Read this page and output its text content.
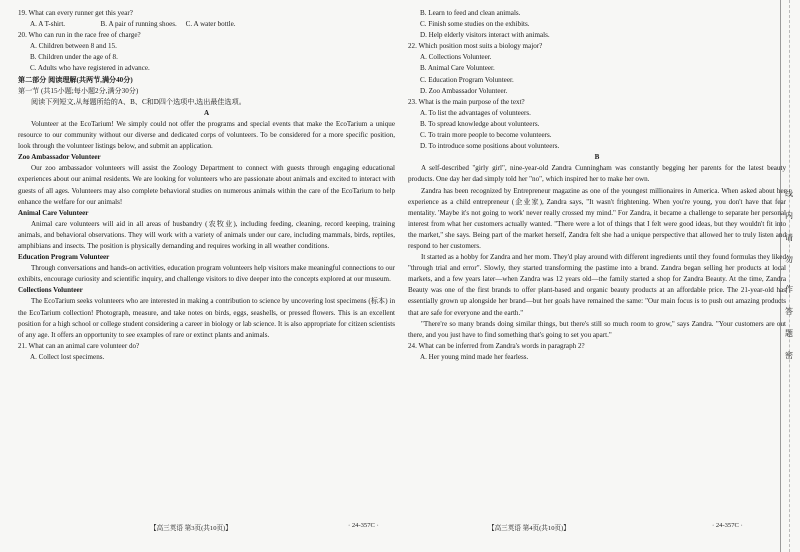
线
内
请
勿
作
答
题
密

19. What can every runner get this year?

A. A T-shirt.                    B. A pair of running shoes.     C. A water bottle.

20. Who can run in the race free of charge?

A. Children between 8 and 15.

B. Children under the age of 8.

C. Adults who have registered in advance.

第二部分 阅读理解(共两节,满分40分)

第一节 (共15小题;每小题2分,满分30分)

阅读下列短文,从每题所给的A、B、C和D四个选项中,选出最佳选项。

A

Volunteer at the EcoTarium! We simply could not offer the programs and special events that make the EcoTarium a unique resource to our community without our diverse and dedicated corps of volunteers. To be considered for a more specific position, look through the volunteer listings below, and submit an application.

Zoo Ambassador Volunteer

Our zoo ambassador volunteers will assist the Zoology Department to connect with guests through engaging educational experiences about our animal residents. We are looking for volunteers who are passionate about animals and excited to interact with guests of all ages. Volunteers may also complete behavioral studies on numerous animals within the care of the EcoTarium to help enhance the welfare for our animals!

Animal Care Volunteer

Animal care volunteers will aid in all areas of husbandry (农牧业), including feeding, cleaning, record keeping, training animals, and behavioral observations. They will work with a variety of animals under our care, including mammals, birds, reptiles, amphibians and insects. The position is physically demanding and requires working in all weather conditions.

Education Program Volunteer

Through conversations and hands-on activities, education program volunteers help visitors make meaningful connections to our exhibits, encourage curiosity and scientific inquiry, and challenge visitors to dive deeper into the concepts explored at our museum.

Collections Volunteer

The EcoTarium seeks volunteers who are interested in making a contribution to science by uncovering lost specimens (标本) in the EcoTarium collection! Photograph, measure, and take notes on birds, eggs, seashells, or pressed flowers. This is an excellent position for a high school or college student considering a career in biology or lab science. It is also appropriate for citizen scientists of any age. It offers an opportunity to see examples of rare or extinct plants and animals.

21. What can an animal care volunteer do?

A. Collect lost specimens.

【高三英语 第3页(共10页)】	· 24-357C ·

B. Learn to feed and clean animals.

C. Finish some studies on the exhibits.

D. Help elderly visitors interact with animals.

22. Which position most suits a biology major?

A. Collections Volunteer.

B. Animal Care Volunteer.

C. Education Program Volunteer.

D. Zoo Ambassador Volunteer.

23. What is the main purpose of the text?

A. To list the advantages of volunteers.

B. To spread knowledge about volunteers.

C. To train more people to become volunteers.

D. To introduce some positions about volunteers.

B

A self-described "girly girl", nine-year-old Zandra Cunningham was constantly begging her parents for the latest beauty products. One day her dad simply told her "no", which inspired her to make her own.

Zandra has been recognized by Entrepreneur magazine as one of the youngest millionaires in America. When asked about her experience as a child entrepreneur (企业家), Zandra says, "It wasn't frightening. When you're young, you don't have that fear mentality. 'Maybe it's not going to work' never really crossed my mind." For Zandra, it became a challenge to separate her personal interest from what her customers actually wanted. "There were a lot of things that I felt were good ideas, but they wouldn't fit into the market," she says. Being part of the market herself, Zandra felt she had a unique perspective that allowed her to truly listen and respond to her customers.

It started as a hobby for Zandra and her mom. They'd play around with different ingredients until they found formulas they liked "through trial and error". Slowly, they started transforming the pastime into a brand. Zandra began selling her products at local markets, and a few years later—when Zandra was 12 years old—the family started a shop for Zandra Beauty. At the time, Zandra Beauty was one of the first brands to offer plant-based and organic beauty products at an affordable price. The 21-year-old has essentially grown up alongside her brand—but her goals have remained the same: "Our main focus is to push out amazing products that are safe for everyone and the earth."

"There're so many brands doing similar things, but there's still so much room to grow," says Zandra. "Your customers are out there, and you just have to find something that's going to set you apart."

24. What can be inferred from Zandra's words in paragraph 2?

A. Her young mind made her fearless.

【高三英语 第4页(共10页)】	· 24-357C ·
